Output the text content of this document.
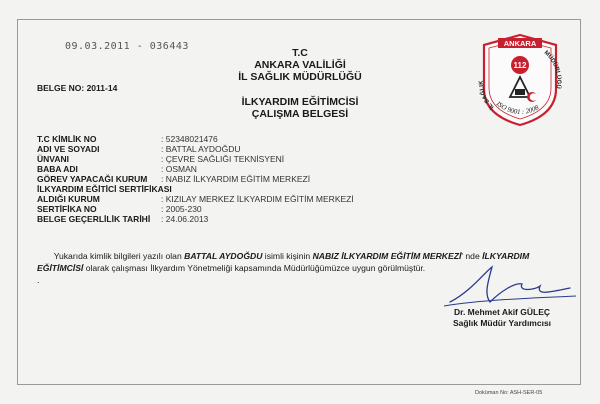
09.03.2011 - 036443
T.C
ANKARA VALİLİĞİ
İL SAĞLIK MÜDÜRLÜĞÜ
BELGE NO: 2011-14
İLKYARDIM EĞİTİMCİSİ
ÇALIŞMA BELGESİ
ANKARA
112
İL SAĞLIK
MÜDÜRLÜĞÜ
ISO 9001 : 2008
T.C KİMLİK NO	: 52348021476
ADI VE SOYADI	: BATTAL AYDOĞDU
ÜNVANI	: ÇEVRE SAĞLIĞI TEKNİSYENİ
BABA ADI	: OSMAN
GÖREV YAPACAĞI KURUM	: NABIZ İLKYARDIM EĞİTİM MERKEZİ
İLKYARDIM EĞİTİCİ SERTİFİKASI
ALDIĞI KURUM	: KIZILAY MERKEZ İLKYARDIM EĞİTİM MERKEZİ
SERTİFİKA NO	: 2005-230
BELGE GEÇERLİLİK TARİHİ	: 24.06.2013
Yukarıda kimlik bilgileri yazılı olan BATTAL AYDOĞDU isimli kişinin NABIZ İLKYARDIM EĞİTİM MERKEZİ' nde İLKYARDIM EĞİTİMCİSİ olarak çalışması İlkyardım Yönetmeliği kapsamında Müdürlüğümüzce uygun görülmüştür.
.
Dr. Mehmet Akif GÜLEÇ
Sağlık Müdür Yardımcısı
Doküman No: ASH-SER-05
